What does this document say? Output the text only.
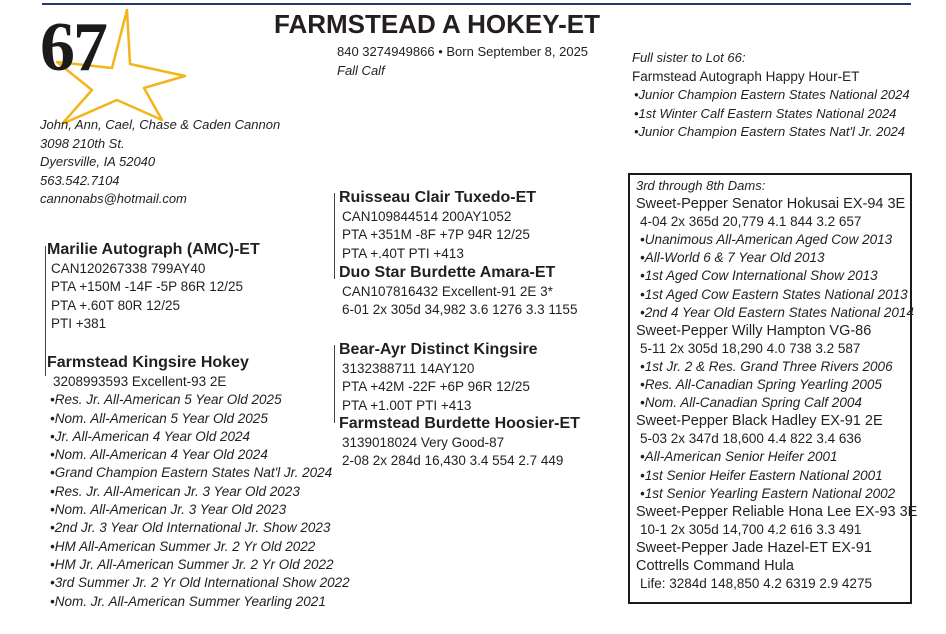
67	FARMSTEAD A HOKEY-ET
840 3274949866 • Born September 8, 2025
Fall Calf
John, Ann, Cael, Chase & Caden Cannon
3098 210th St.
Dyersville, IA 52040
563.542.7104
cannonabs@hotmail.com
Full sister to Lot 66:
Farmstead Autograph Happy Hour-ET
•Junior Champion Eastern States National 2024
•1st Winter Calf Eastern States National 2024
•Junior Champion Eastern States Nat'l Jr. 2024
Marilie Autograph (AMC)-ET
CAN120267338 799AY40
PTA +150M -14F -5P 86R 12/25
PTA +.60T 80R 12/25
PTI +381
Farmstead Kingsire Hokey
3208993593 Excellent-93 2E
•Res. Jr. All-American 5 Year Old 2025
•Nom. All-American 5 Year Old 2025
•Jr. All-American 4 Year Old 2024
•Nom. All-American 4 Year Old 2024
•Grand Champion Eastern States Nat'l Jr. 2024
•Res. Jr. All-American Jr. 3 Year Old 2023
•Nom. All-American Jr. 3 Year Old 2023
•2nd Jr. 3 Year Old International Jr. Show 2023
•HM All-American Summer Jr. 2 Yr Old 2022
•HM Jr. All-American Summer Jr. 2 Yr Old 2022
•3rd Summer Jr. 2 Yr Old International Show 2022
•Nom. Jr. All-American Summer Yearling 2021
Ruisseau Clair Tuxedo-ET
CAN109844514 200AY1052
PTA +351M -8F +7P 94R 12/25
PTA +.40T PTI +413
Duo Star Burdette Amara-ET
CAN107816432 Excellent-91 2E 3*
6-01 2x 305d 34,982 3.6 1276 3.3 1155
Bear-Ayr Distinct Kingsire
3132388711 14AY120
PTA +42M -22F +6P 96R 12/25
PTA +1.00T PTI +413
Farmstead Burdette Hoosier-ET
3139018024 Very Good-87
2-08 2x 284d 16,430 3.4 554 2.7 449
3rd through 8th Dams:
Sweet-Pepper Senator Hokusai EX-94 3E
4-04 2x 365d 20,779 4.1 844 3.2 657
•Unanimous All-American Aged Cow 2013
•All-World 6 & 7 Year Old 2013
•1st Aged Cow International Show 2013
•1st Aged Cow Eastern States National 2013
•2nd 4 Year Old Eastern States National 2014
Sweet-Pepper Willy Hampton VG-86
5-11 2x 305d 18,290 4.0 738 3.2 587
•1st Jr. 2 & Res. Grand Three Rivers 2006
•Res. All-Canadian Spring Yearling 2005
•Nom. All-Canadian Spring Calf 2004
Sweet-Pepper Black Hadley EX-91 2E
5-03 2x 347d 18,600 4.4 822 3.4 636
•All-American Senior Heifer 2001
•1st Senior Heifer Eastern National 2001
•1st Senior Yearling Eastern National 2002
Sweet-Pepper Reliable Hona Lee EX-93 3E
10-1 2x 305d 14,700 4.2 616 3.3 491
Sweet-Pepper Jade Hazel-ET EX-91
Cottrells Command Hula
Life: 3284d 148,850 4.2 6319 2.9 4275
